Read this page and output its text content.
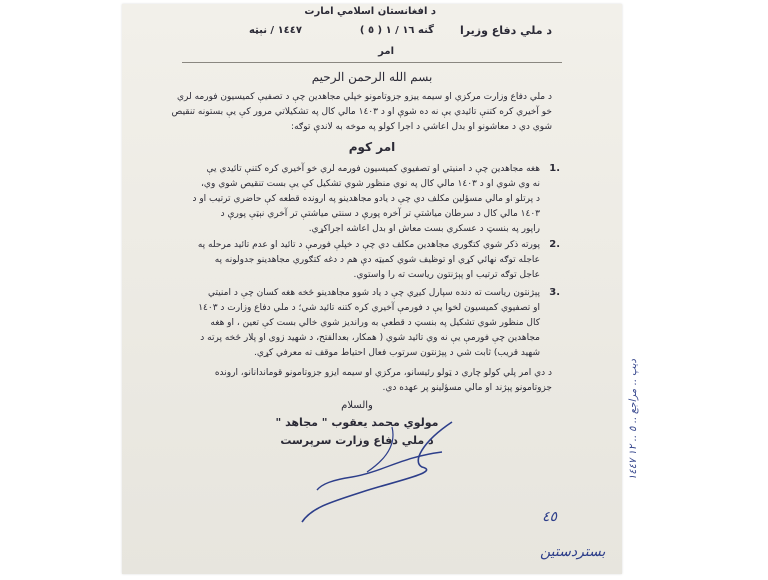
د افغانستان اسلامي امارت
د ملي دفاع وزيرا
( ٥ ) گنه ١٦ / ١
١٤٤٧ / نېټه
امر
بسم الله الرحمن الرحيم
د ملي دفاع وزارت مرکزي او سيمه ييزو جزوتامونو خپلي مجاهدين چې د تصفيې کميسيون فورمه لري
خو آخيري کره کتنې تائيدي يې نه ده شوې او د ١٤٠٣ مالي کال په تشکيلاتي مرور کې يې بستونه تنقيص
شوي دي د معاشونو او بدل اعاشي د اجرا کولو په موخه به لاندې توګه:
امر کوم
1.
هغه مجاهدين چې د امنيتي او تصفيوي کميسيون فورمه لري خو آخيري کره کتنې تائيدي يې
نه وي شوي او د ١٤٠٣ مالي کال په نوي منظور شوي تشکيل کې يې بست تنقيص شوي وي،
د پرتلو او مالي مسؤلين مکلف دي چې د يادو مجاهدينو په ارونده قطعه کې حاضري ترتيب او د
١٤٠٣ مالي کال د سرطان مياشتې تر آخره پورې د سنتي مياشتې تر آخري نېټې پورې د
راپور په بنسټ د عسکري بست معاش او بدل اعاشه اجراکړي.
2.
پورته ذکر شوي کتګوري مجاهدين مکلف دي چې د خپلې فورمې د تائيد او عدم تائيد مرحله په
عاجله توګه نهائي کړي او توظيف شوي کميټه دې هم د دغه کتګوري مجاهدينو جدولونه په
عاجل توګه ترتيب او پېژنتون رياست ته را واستوي.
3.
پېژنتون رياست ته دنده سپارل کيږي چې د ياد شوو مجاهدينو څخه هغه کسان چې د امنيتي
او تصفيوي کميسيون لخوا يې د فورمې آخيري کره کتنه تائيد شي؛ د ملي دفاع وزارت د ١٤٠٣
کال منظور شوي تشکيل په بنسټ د قطعې به ورانديز شوي خالي بست کې تعين ، او هغه
مجاهدين چې فورمې يې نه وي تائيد شوي ( همکار، بعدالفتح، د شهيد زوی او پلار څخه پرته د
شهيد قريب) ثابت شي د پېژنتون سرتوب فعال احتياط موقف ته معرفي کړي.
د دي امر پلي کولو چاري د ټولو رئيسانو، مرکزي او سيمه ايزو جزوتامونو قوماندانانو، ارونده
جزوتامونو پېژند او مالي مسؤلينو پر عهده دي.
والسلام
مولوي محمد يعقوب " مجاهد "
د ملي دفاع وزارت سرپرست
ديپ .. مراجع .. ٥ .. ١٢ ١٤٤٧
٤٥
بستردستين
